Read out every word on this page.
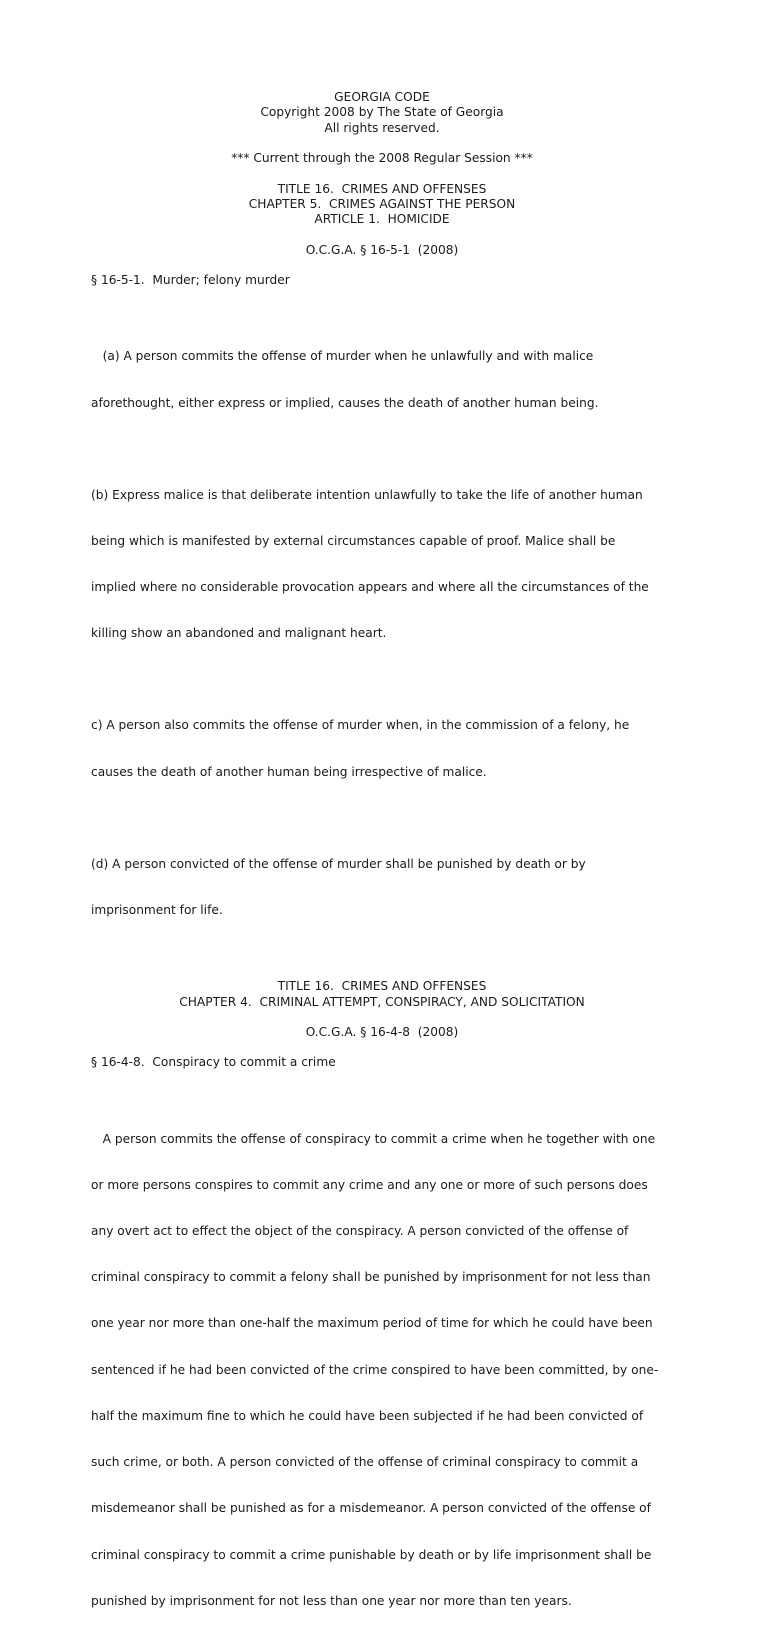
GEORGIA CODE
Copyright 2008 by The State of Georgia
All rights reserved.
*** Current through the 2008 Regular Session ***
TITLE 16.  CRIMES AND OFFENSES
CHAPTER 5.  CRIMES AGAINST THE PERSON
ARTICLE 1.  HOMICIDE
O.C.G.A. § 16-5-1  (2008)
§ 16-5-1.  Murder; felony murder

(a) A person commits the offense of murder when he unlawfully and with malice

aforethought, either express or implied, causes the death of another human being.

(b) Express malice is that deliberate intention unlawfully to take the life of another human

being which is manifested by external circumstances capable of proof. Malice shall be

implied where no considerable provocation appears and where all the circumstances of the

killing show an abandoned and malignant heart.

c) A person also commits the offense of murder when, in the commission of a felony, he

causes the death of another human being irrespective of malice.

(d) A person convicted of the offense of murder shall be punished by death or by

imprisonment for life.

TITLE 16.  CRIMES AND OFFENSES
CHAPTER 4.  CRIMINAL ATTEMPT, CONSPIRACY, AND SOLICITATION
O.C.G.A. § 16-4-8  (2008)
§ 16-4-8.  Conspiracy to commit a crime

A person commits the offense of conspiracy to commit a crime when he together with one

or more persons conspires to commit any crime and any one or more of such persons does

any overt act to effect the object of the conspiracy. A person convicted of the offense of

criminal conspiracy to commit a felony shall be punished by imprisonment for not less than

one year nor more than one-half the maximum period of time for which he could have been

sentenced if he had been convicted of the crime conspired to have been committed, by one-

half the maximum fine to which he could have been subjected if he had been convicted of

such crime, or both. A person convicted of the offense of criminal conspiracy to commit a

misdemeanor shall be punished as for a misdemeanor. A person convicted of the offense of

criminal conspiracy to commit a crime punishable by death or by life imprisonment shall be

punished by imprisonment for not less than one year nor more than ten years.
